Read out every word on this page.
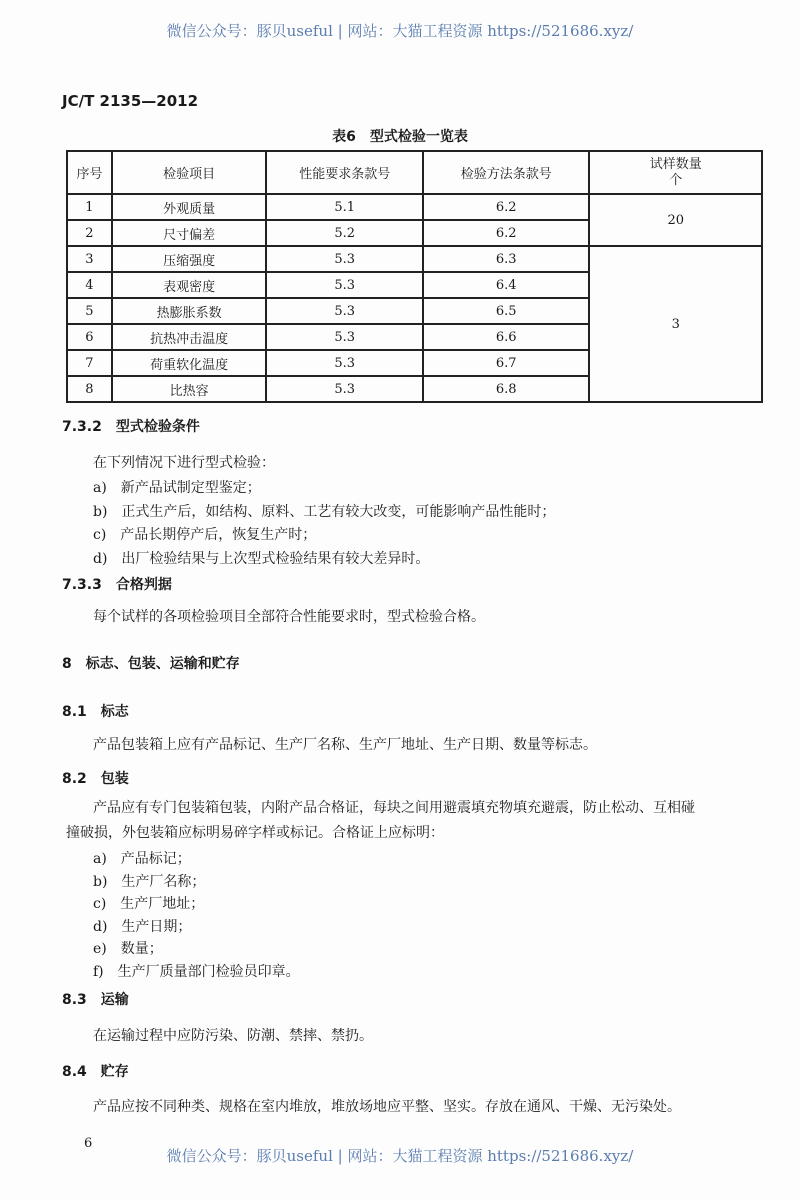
微信公众号：豚贝useful | 网站：大猫工程资源 https://521686.xyz/
JC/T 2135—2012
表6　型式检验一览表
序号	检验项目	性能要求条款号	检验方法条款号	试样数量
个
1	外观质量	5.1	6.2	20
2	尺寸偏差	5.2	6.2	
3	压缩强度	5.3	6.3	3
4	表观密度	5.3	6.4	
5	热膨胀系数	5.3	6.5	
6	抗热冲击温度	5.3	6.6	
7	荷重软化温度	5.3	6.7	
8	比热容	5.3	6.8	
7.3.2　型式检验条件
在下列情况下进行型式检验：
a)　新产品试制定型鉴定；
b)　正式生产后，如结构、原料、工艺有较大改变，可能影响产品性能时；
c)　产品长期停产后，恢复生产时；
d)　出厂检验结果与上次型式检验结果有较大差异时。
7.3.3　合格判据
每个试样的各项检验项目全部符合性能要求时，型式检验合格。
8　标志、包装、运输和贮存
8.1　标志
产品包装箱上应有产品标记、生产厂名称、生产厂地址、生产日期、数量等标志。
8.2　包装
产品应有专门包装箱包装，内附产品合格证，每块之间用避震填充物填充避震，防止松动、互相碰
撞破损，外包装箱应标明易碎字样或标记。合格证上应标明：
a)　产品标记；
b)　生产厂名称；
c)　生产厂地址；
d)　生产日期；
e)　数量；
f)　生产厂质量部门检验员印章。
8.3　运输
在运输过程中应防污染、防潮、禁摔、禁扔。
8.4　贮存
产品应按不同种类、规格在室内堆放，堆放场地应平整、坚实。存放在通风、干燥、无污染处。
6
微信公众号：豚贝useful | 网站：大猫工程资源 https://521686.xyz/
